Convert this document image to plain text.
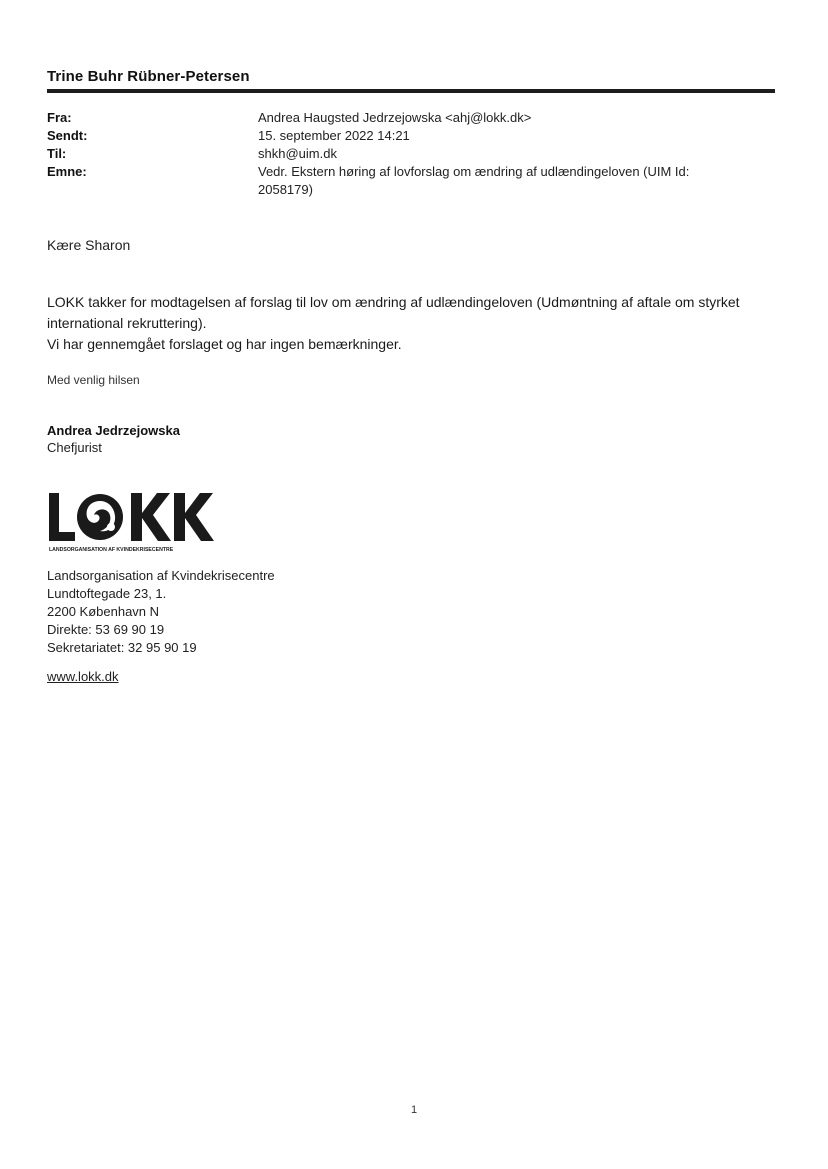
Trine Buhr Rübner-Petersen
Fra:	Andrea Haugsted Jedrzejowska <ahj@lokk.dk>
Sendt:	15. september 2022 14:21
Til:	shkh@uim.dk
Emne:	Vedr. Ekstern høring af lovforslag om ændring af udlændingeloven (UIM Id: 2058179)
Kære Sharon

LOKK takker for modtagelsen af forslag til lov om ændring af udlændingeloven (Udmøntning af aftale om styrket international rekruttering).

Vi har gennemgået forslaget og har ingen bemærkninger.

Med venlig hilsen
Andrea Jedrzejowska
Chefjurist
LANDSORGANISATION AF KVINDEKRISECENTRE
Landsorganisation af Kvindekrisecentre
Lundtoftegade 23, 1.
2200 København N
Direkte: 53 69 90 19
Sekretariatet: 32 95 90 19
www.lokk.dk
1
